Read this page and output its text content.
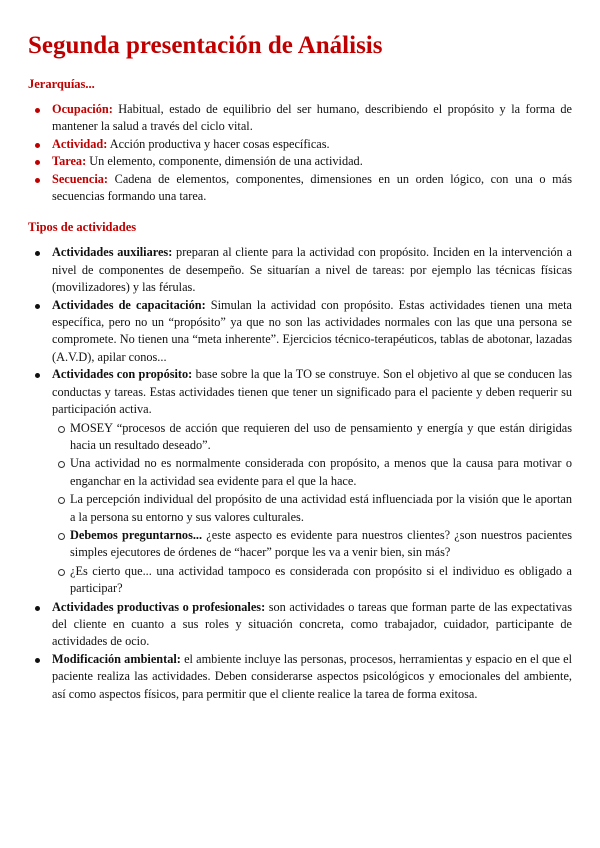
Segunda presentación de Análisis
Jerarquías...
Ocupación: Habitual, estado de equilibrio del ser humano, describiendo el propósito y la forma de mantener la salud a través del ciclo vital.
Actividad: Acción productiva y hacer cosas específicas.
Tarea: Un elemento, componente, dimensión de una actividad.
Secuencia: Cadena de elementos, componentes, dimensiones en un orden lógico, con una o más secuencias formando una tarea.
Tipos de actividades
Actividades auxiliares: preparan al cliente para la actividad con propósito. Inciden en la intervención a nivel de componentes de desempeño. Se situarían a nivel de tareas: por ejemplo las técnicas físicas (movilizadores) y las férulas.
Actividades de capacitación: Simulan la actividad con propósito. Estas actividades tienen una meta específica, pero no un “propósito” ya que no son las actividades normales con las que una persona se compromete. No tienen una “meta inherente”. Ejercicios técnico-terapéuticos, tablas de abotonar, lazadas (A.V.D), apilar conos...
Actividades con propósito: base sobre la que la TO se construye. Son el objetivo al que se conducen las conductas y tareas. Estas actividades tienen que tener un significado para el paciente y deben requerir su participación activa.
MOSEY “procesos de acción que requieren del uso de pensamiento y energía y que están dirigidas hacia un resultado deseado”.
Una actividad no es normalmente considerada con propósito, a menos que la causa para motivar o enganchar en la actividad sea evidente para el que la hace.
La percepción individual del propósito de una actividad está influenciada por la visión que le aportan a la persona su entorno y sus valores culturales.
Debemos preguntarnos... ¿este aspecto es evidente para nuestros clientes? ¿son nuestros pacientes simples ejecutores de órdenes de “hacer” porque les va a venir bien, sin más?
¿Es cierto que... una actividad tampoco es considerada con propósito si el individuo es obligado a participar?
Actividades productivas o profesionales: son actividades o tareas que forman parte de las expectativas del cliente en cuanto a sus roles y situación concreta, como trabajador, cuidador, participante de actividades de ocio.
Modificación ambiental: el ambiente incluye las personas, procesos, herramientas y espacio en el que el paciente realiza las actividades. Deben considerarse aspectos psicológicos y emocionales del ambiente, así como aspectos físicos, para permitir que el cliente realice la tarea de forma exitosa.
